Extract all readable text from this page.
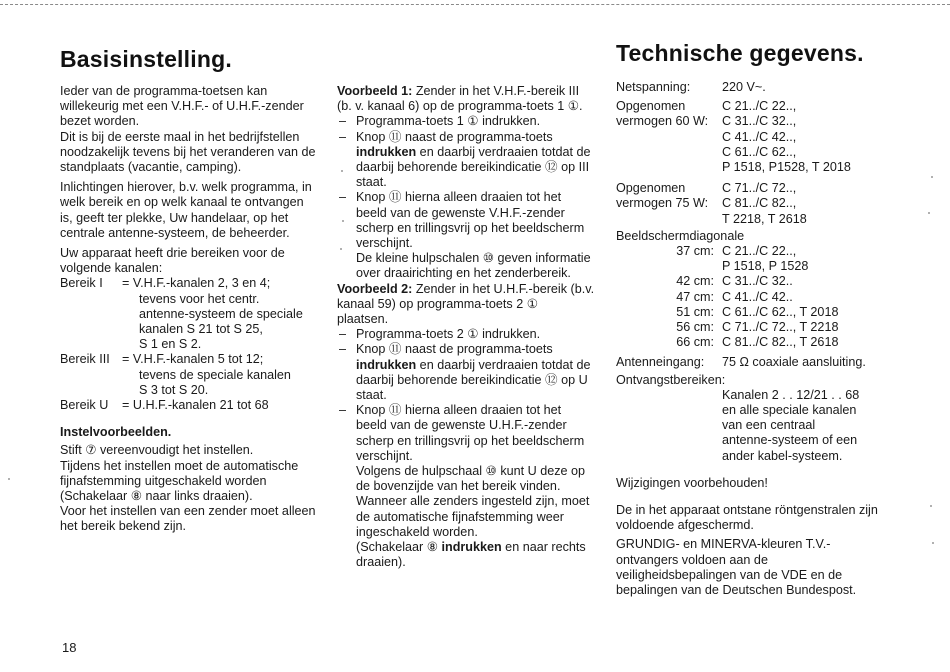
Basisinstelling.

Ieder van de programma-toetsen kan willekeurig met een V.H.F.- of U.H.F.-zender bezet worden.

Dit is bij de eerste maal in het bedrijfstellen noodzakelijk tevens bij het veranderen van de standplaats (vacantie, camping).

Inlichtingen hierover, b.v. welk programma, in welk bereik en op welk kanaal te ontvangen is, geeft ter plekke, Uw handelaar, op het centrale antenne-systeem, de beheerder.

Uw apparaat heeft drie bereiken voor de volgende kanalen:

Bereik I	= V.H.F.-kanalen 2, 3 en 4;
tevens voor het centr.
antenne-systeem de speciale
kanalen S 21 tot S 25,
S 1 en S 2.
Bereik III = V.H.F.-kanalen 5 tot 12;
tevens de speciale kanalen
S 3 tot S 20.
Bereik U	= U.H.F.-kanalen 21 tot 68
Instelvoorbeelden.

Stift ⑦ vereenvoudigt het instellen.

Tijdens het instellen moet de automatische fijnafstemming uitgeschakeld worden (Schakelaar ⑧ naar links draaien).

Voor het instellen van een zender moet alleen het bereik bekend zijn.

Voorbeeld 1: Zender in het V.H.F.-bereik III (b. v. kanaal 6) op de programma-toets 1 ①.

– Programma-toets 1 ① indrukken.
– Knop ⑪ naast de programma-toets indrukken en daarbij verdraaien totdat de daarbij behorende bereikindicatie ⑫ op III staat.
– Knop ⑪ hierna alleen draaien tot het beeld van de gewenste V.H.F.-zender scherp en trillingsvrij op het beeldscherm verschijnt.

De kleine hulpschalen ⑩ geven informatie over draairichting en het zenderbereik.

Voorbeeld 2: Zender in het U.H.F.-bereik (b.v. kanaal 59) op programma-toets 2 ①
plaatsen.

– Programma-toets 2 ① indrukken.
– Knop ⑪ naast de programma-toets indrukken en daarbij verdraaien totdat de daarbij behorende bereikindicatie ⑫ op U staat.
– Knop ⑪ hierna alleen draaien tot het beeld van de gewenste U.H.F.-zender scherp en trillingsvrij op het beeldscherm verschijnt.

Volgens de hulpschaal ⑩ kunt U deze op de bovenzijde van het bereik vinden.

Wanneer alle zenders ingesteld zijn, moet de automatische fijnafstemming weer ingeschakeld worden.

(Schakelaar ⑧ indrukken en naar rechts draaien).

Technische gegevens.
Netspanning:	220 V~.
Opgenomen
vermogen 60 W:
C 21../C 22..,
C 31../C 32..,
C 41../C 42..,
C 61../C 62..,
P 1518, P1528, T 2018
Opgenomen
vermogen 75 W:
C 71../C 72..,
C 81../C 82..,
T 2218, T 2618
Beeldschermdiagonale
37 cm: C 21../C 22..,
P 1518, P 1528
42 cm: C 31../C 32..
47 cm: C 41../C 42..
51 cm: C 61../C 62.., T 2018
56 cm: C 71../C 72.., T 2218
66 cm: C 81../C 82.., T 2618
Antenneingang:	75 Ω coaxiale aansluiting.
Ontvangstbereiken:
Kanalen 2 . . 12/21 . . 68
en alle speciale kanalen
van een centraal
antenne-systeem of een
ander kabel-systeem.

Wijzigingen voorbehouden!

De in het apparaat ontstane röntgenstralen zijn voldoende afgeschermd.

GRUNDIG- en MINERVA-kleuren T.V.-ontvangers voldoen aan de veiligheidsbepalingen van de VDE en de bepalingen van de Deutschen Bundespost.

18
